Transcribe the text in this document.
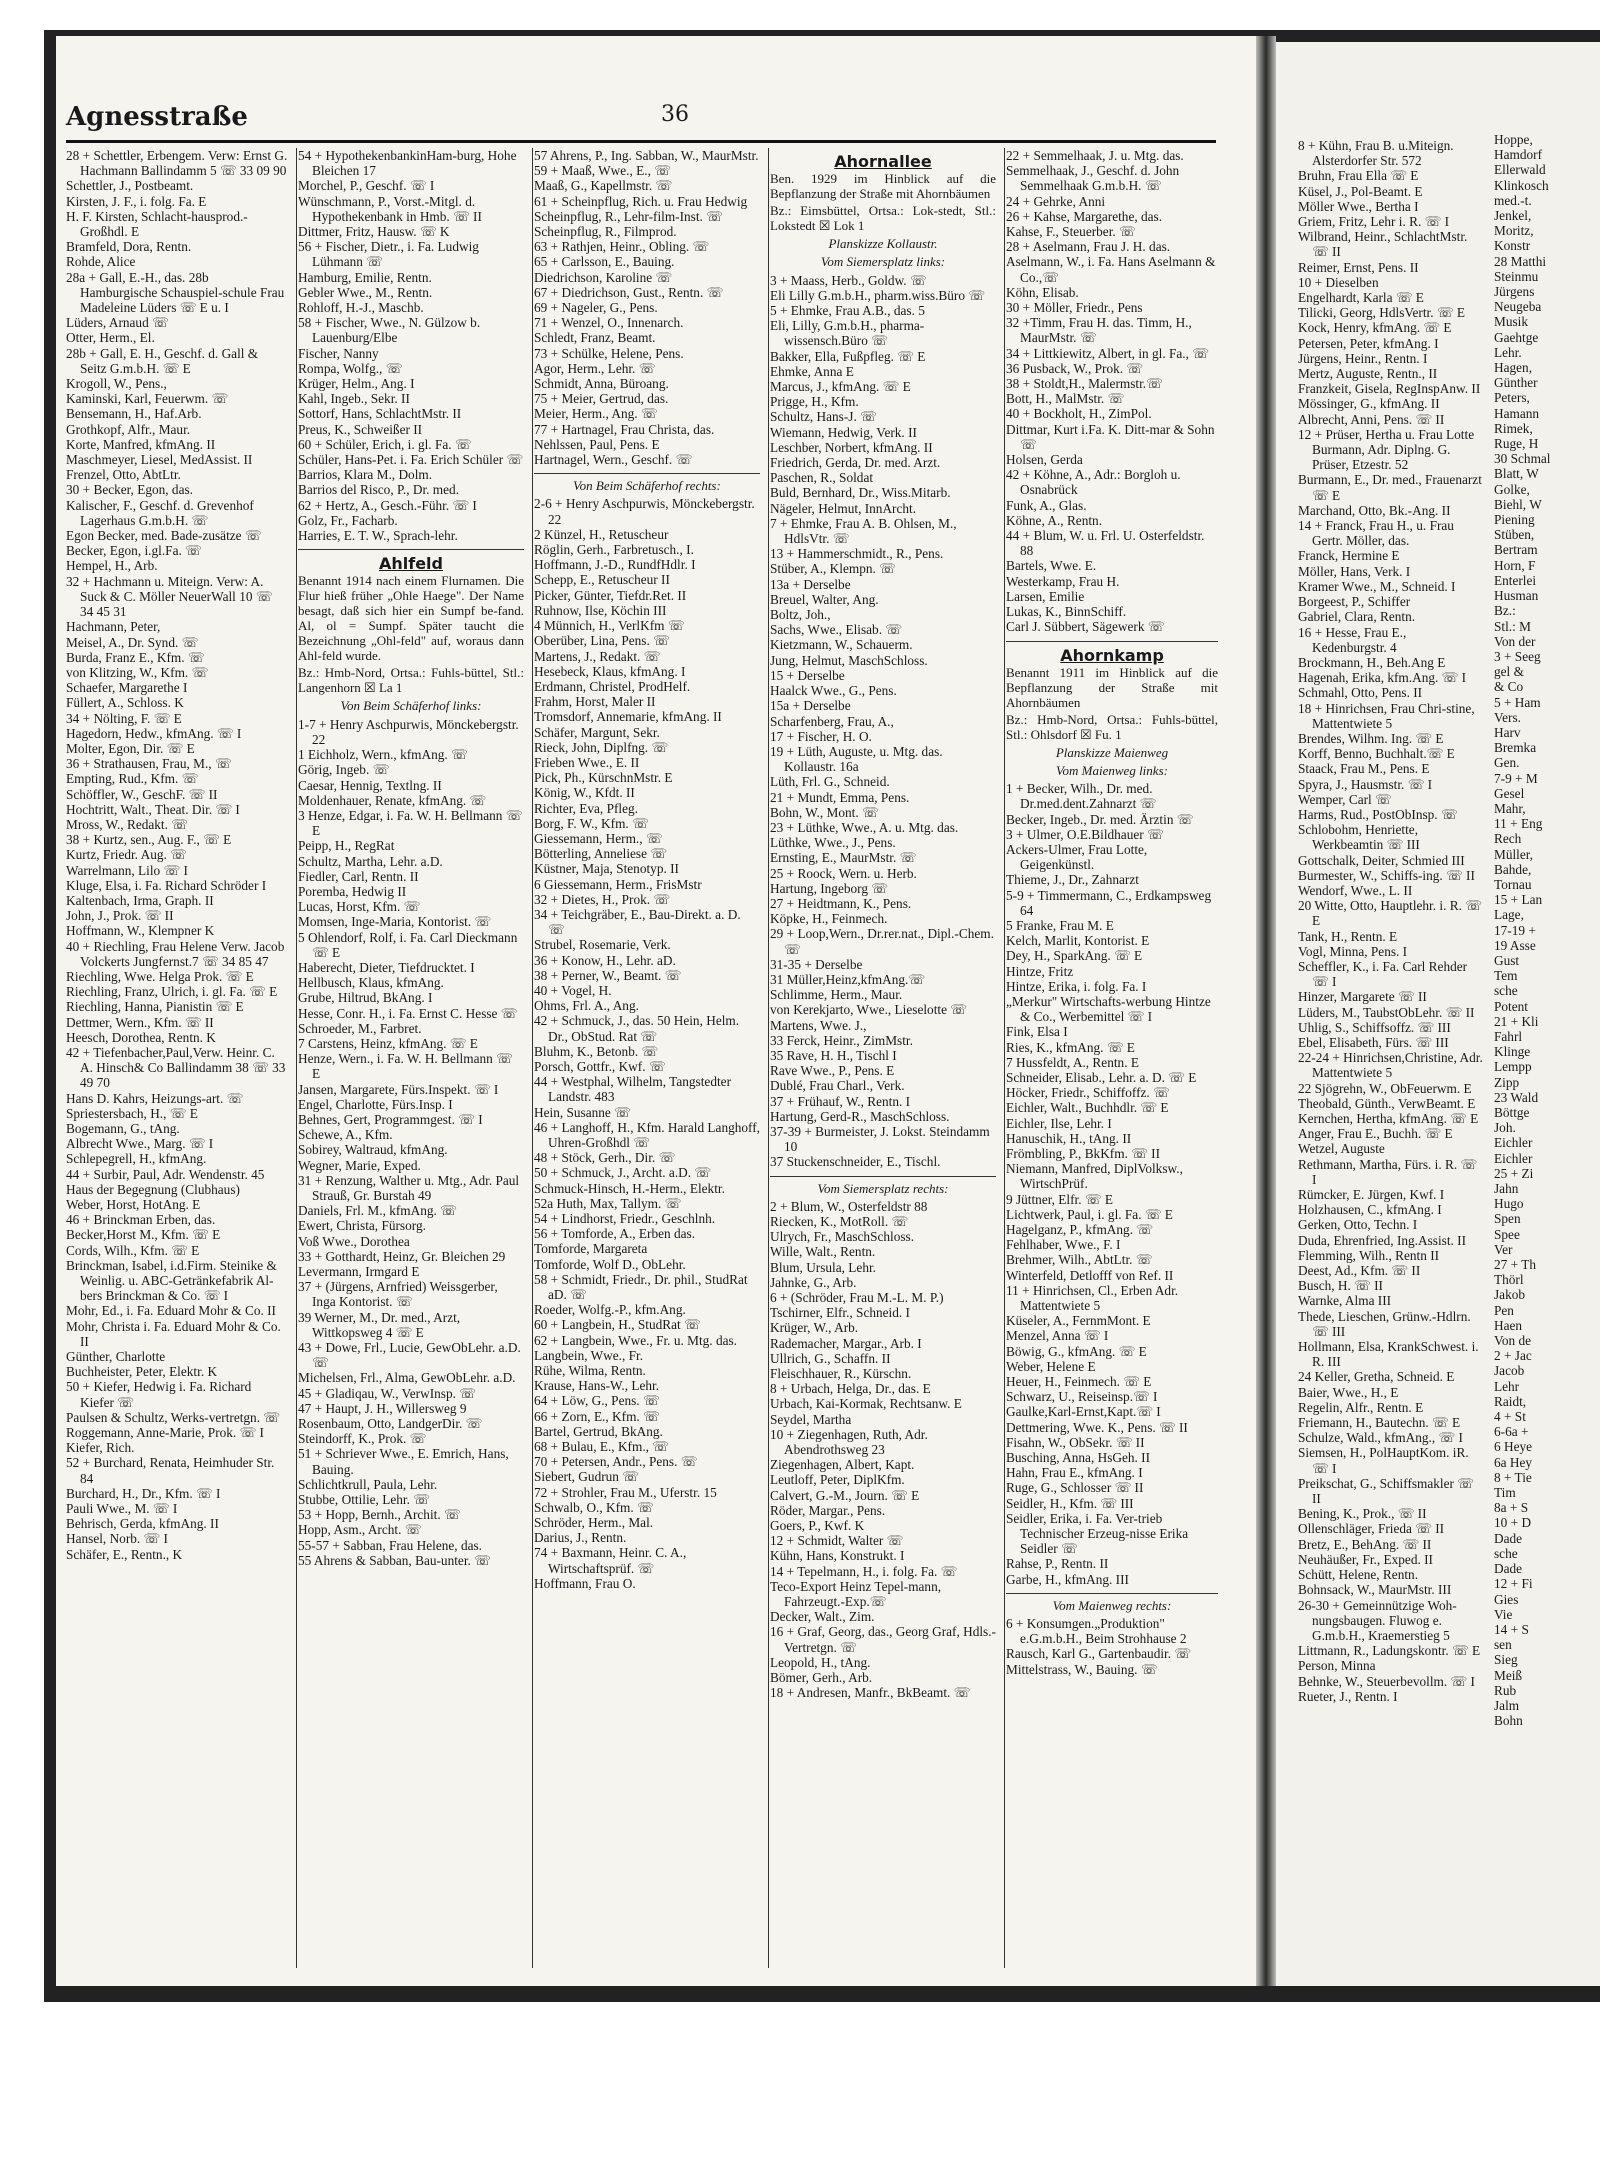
8 + Kühn, Frau B. u.Miteign. Alsterdorfer Str. 572

Bruhn, Frau Ella ☏ E

Küsel, J., Pol-Beamt. E

Möller Wwe., Bertha I

Griem, Fritz, Lehr i. R. ☏ I

Wilbrand, Heinr., SchlachtMstr. ☏ II

Reimer, Ernst, Pens. II

10 + Dieselben

Engelhardt, Karla ☏ E

Tilicki, Georg, HdlsVertr. ☏ E

Kock, Henry, kfmAng. ☏ E

Petersen, Peter, kfmAng. I

Jürgens, Heinr., Rentn. I

Mertz, Auguste, Rentn., II

Franzkeit, Gisela, RegInspAnw. II

Mössinger, G., kfmAng. II

Albrecht, Anni, Pens. ☏ II

12 + Prüser, Hertha u. Frau Lotte Burmann, Adr. Diplng. G. Prüser, Etzestr. 52

Burmann, E., Dr. med., Frauenarzt ☏ E

Marchand, Otto, Bk.-Ang. II

14 + Franck, Frau H., u. Frau Gertr. Möller, das.

Franck, Hermine E

Möller, Hans, Verk. I

Kramer Wwe., M., Schneid. I

Borgeest, P., Schiffer

Gabriel, Clara, Rentn.

16 + Hesse, Frau E., Kedenburgstr. 4

Brockmann, H., Beh.Ang E

Hagenah, Erika, kfm.Ang. ☏ I

Schmahl, Otto, Pens. II

18 + Hinrichsen, Frau Chri-stine, Mattentwiete 5

Brendes, Wilhm. Ing. ☏ E

Korff, Benno, Buchhalt.☏ E

Staack, Frau M., Pens. E

Spyra, J., Hausmstr. ☏ I

Wemper, Carl ☏

Harms, Rud., PostObInsp. ☏

Schlobohm, Henriette, Werkbeamtin ☏ III

Gottschalk, Deiter, Schmied III

Burmester, W., Schiffs-ing. ☏ II

Wendorf, Wwe., L. II

20 Witte, Otto, Hauptlehr. i. R. ☏ E

Tank, H., Rentn. E

Vogl, Minna, Pens. I

Scheffler, K., i. Fa. Carl Rehder ☏ I

Hinzer, Margarete ☏ II

Lüders, M., TaubstObLehr. ☏ II

Uhlig, S., Schiffsoffz. ☏ III

Ebel, Elisabeth, Fürs. ☏ III

22-24 + Hinrichsen,Christine, Adr. Mattentwiete 5

22 Sjögrehn, W., ObFeuerwm. E

Theobald, Günth., VerwBeamt. E

Kernchen, Hertha, kfmAng. ☏ E

Anger, Frau E., Buchh. ☏ E

Wetzel, Auguste

Rethmann, Martha, Fürs. i. R. ☏ I

Rümcker, E. Jürgen, Kwf. I

Holzhausen, C., kfmAng. I

Gerken, Otto, Techn. I

Duda, Ehrenfried, Ing.Assist. II

Flemming, Wilh., Rentn II

Deest, Ad., Kfm. ☏ II

Busch, H. ☏ II

Warnke, Alma III

Thede, Lieschen, Grünw.-Hdlrn. ☏ III

Hollmann, Elsa, KrankSchwest. i. R. III

24 Keller, Gretha, Schneid. E

Baier, Wwe., H., E

Regelin, Alfr., Rentn. E

Friemann, H., Bautechn. ☏ E

Schulze, Wald., kfmAng., ☏ I

Siemsen, H., PolHauptKom. iR. ☏ I

Preikschat, G., Schiffsmakler ☏ II

Bening, K., Prok., ☏ II

Ollenschläger, Frieda ☏ II

Bretz, E., BehAng. ☏ II

Neuhäußer, Fr., Exped. II

Schütt, Helene, Rentn.

Bohnsack, W., MaurMstr. III

26-30 + Gemeinnützige Woh-nungsbaugen. Fluwog e. G.m.b.H., Kraemerstieg 5

Littmann, R., Ladungskontr. ☏ E

Person, Minna

Behnke, W., Steuerbevollm. ☏ I

Rueter, J., Rentn. I

Hoppe,

Hamdorf

Ellerwald

Klinkosch

med.-t.

Jenkel,

Moritz,

Konstr

28 Matthi

Steinmu

Jürgens

Neugeba

Musik

Gaehtge

Lehr.

Hagen,

Günther

Peters,

Hamann

Rimek,

Ruge, H

30 Schmal

Blatt, W

Golke,

Biehl, W

Piening

Stüben,

Bertram

Horn, F

Enterlei

Husman

Bz.:

Stl.: M

Von der

3 + Seeg

gel &

& Co

5 + Ham

Vers.

Harv

Bremka

Gen.

7-9 + M

Gesel

Mahr,

11 + Eng

Rech

Müller,

Bahde,

Tornau

15 + Lan

Lage,

17-19 +

19 Asse

Gust

Tem

sche

Potent

21 + Kli

Fahrl

Klinge

Lempp

Zipp

23 Wald

Böttge

Joh.

Eichler

Eichler

25 + Zi

Jahn

Hugo

Spen

Spee

Ver

27 + Th

Thörl

Jakob

Pen

Haen

Von de

2 + Jac

Jacob

Lehr

Raidt,

4 + St

6-6a +

6 Heye

6a Hey

8 + Tie

Tim

8a + S

10 + D

Dade

sche

Dade

12 + Fi

Gies

Vie

14 + S

sen

Sieg

Meiß

Rub

Jalm

Bohn

Agnesstraße	36

28 + Schettler, Erbengem. Verw: Ernst G. Hachmann Ballindamm 5 ☏ 33 09 90

Schettler, J., Postbeamt.

Kirsten, J. F., i. folg. Fa. E

H. F. Kirsten, Schlacht-hausprod.-Großhdl. E

Bramfeld, Dora, Rentn.

Rohde, Alice

28a + Gall, E.-H., das. 28b Hamburgische Schauspiel-schule Frau Madeleine Lüders ☏ E u. I

Lüders, Arnaud ☏

Otter, Herm., El.

28b + Gall, E. H., Geschf. d. Gall & Seitz G.m.b.H. ☏ E

Krogoll, W., Pens.,

Kaminski, Karl, Feuerwm. ☏

Bensemann, H., Haf.Arb.

Grothkopf, Alfr., Maur.

Korte, Manfred, kfmAng. II

Maschmeyer, Liesel, MedAssist. II

Frenzel, Otto, AbtLtr.

30 + Becker, Egon, das.

Kalischer, F., Geschf. d. Grevenhof Lagerhaus G.m.b.H. ☏

Egon Becker, med. Bade-zusätze ☏

Becker, Egon, i.gl.Fa. ☏

Hempel, H., Arb.

32 + Hachmann u. Miteign. Verw: A. Suck & C. Möller NeuerWall 10 ☏ 34 45 31

Hachmann, Peter,

Meisel, A., Dr. Synd. ☏

Burda, Franz E., Kfm. ☏

von Klitzing, W., Kfm. ☏

Schaefer, Margarethe I

Füllert, A., Schloss. K

34 + Nölting, F. ☏ E

Hagedorn, Hedw., kfmAng. ☏ I

Molter, Egon, Dir. ☏ E

36 + Strathausen, Frau, M., ☏

Empting, Rud., Kfm. ☏

Schöffler, W., GeschF. ☏ II

Hochtritt, Walt., Theat. Dir. ☏ I

Mross, W., Redakt. ☏

38 + Kurtz, sen., Aug. F., ☏ E

Kurtz, Friedr. Aug. ☏

Warrelmann, Lilo ☏ I

Kluge, Elsa, i. Fa. Richard Schröder I

Kaltenbach, Irma, Graph. II

John, J., Prok. ☏ II

Hoffmann, W., Klempner K

40 + Riechling, Frau Helene Verw. Jacob Volckerts Jungfernst.7 ☏ 34 85 47

Riechling, Wwe. Helga Prok. ☏ E

Riechling, Franz, Ulrich, i. gl. Fa. ☏ E

Riechling, Hanna, Pianistin ☏ E

Dettmer, Wern., Kfm. ☏ II

Heesch, Dorothea, Rentn. K

42 + Tiefenbacher,Paul,Verw. Heinr. C. A. Hinsch& Co Ballindamm 38 ☏ 33 49 70

Hans D. Kahrs, Heizungs-art. ☏

Spriestersbach, H., ☏ E

Bogemann, G., tAng.

Albrecht Wwe., Marg. ☏ I

Schlepegrell, H., kfmAng.

44 + Surbir, Paul, Adr. Wendenstr. 45

Haus der Begegnung (Clubhaus)

Weber, Horst, HotAng. E

46 + Brinckman Erben, das.

Becker,Horst M., Kfm. ☏ E

Cords, Wilh., Kfm. ☏ E

Brinckman, Isabel, i.d.Firm. Steinike & Weinlig. u. ABC-Getränkefabrik Al-bers Brinckman & Co. ☏ I

Mohr, Ed., i. Fa. Eduard Mohr & Co. II

Mohr, Christa i. Fa. Eduard Mohr & Co. II

Günther, Charlotte

Buchheister, Peter, Elektr. K

50 + Kiefer, Hedwig i. Fa. Richard Kiefer ☏

Paulsen & Schultz, Werks-vertretgn. ☏

Roggemann, Anne-Marie, Prok. ☏ I

Kiefer, Rich.

52 + Burchard, Renata, Heimhuder Str. 84

Burchard, H., Dr., Kfm. ☏ I

Pauli Wwe., M. ☏ I

Behrisch, Gerda, kfmAng. II

Hansel, Norb. ☏ I

Schäfer, E., Rentn., K

54 + HypothekenbankinHam-burg, Hohe Bleichen 17

Morchel, P., Geschf. ☏ I

Wünschmann, P., Vorst.-Mitgl. d. Hypothekenbank in Hmb. ☏ II

Dittmer, Fritz, Hausw. ☏ K

56 + Fischer, Dietr., i. Fa. Ludwig Lühmann ☏

Hamburg, Emilie, Rentn.

Gebler Wwe., M., Rentn.

Rohloff, H.-J., Maschb.

58 + Fischer, Wwe., N. Gülzow b. Lauenburg/Elbe

Fischer, Nanny

Rompa, Wolfg., ☏

Krüger, Helm., Ang. I

Kahl, Ingeb., Sekr. II

Sottorf, Hans, SchlachtMstr. II

Preus, K., Schweißer II

60 + Schüler, Erich, i. gl. Fa. ☏

Schüler, Hans-Pet. i. Fa. Erich Schüler ☏

Barrios, Klara M., Dolm.

Barrios del Risco, P., Dr. med.

62 + Hertz, A., Gesch.-Führ. ☏ I

Golz, Fr., Facharb.

Harries, E. T. W., Sprach-lehr.

Ahlfeld
Benannt 1914 nach einem Flurnamen. Die Flur hieß früher „Ohle Haege". Der Name besagt, daß sich hier ein Sumpf be-fand. Al, ol = Sumpf. Später taucht die Bezeichnung „Ohl-feld" auf, woraus dann Ahl-feld wurde.
Bz.: Hmb-Nord, Ortsa.: Fuhls-büttel, Stl.: Langenhorn ☒ La 1
Von Beim Schäferhof links:

1-7 + Henry Aschpurwis, Mönckebergstr. 22

1 Eichholz, Wern., kfmAng. ☏

Görig, Ingeb. ☏

Caesar, Hennig, Textlng. II

Moldenhauer, Renate, kfmAng. ☏

3 Henze, Edgar, i. Fa. W. H. Bellmann ☏ E

Peipp, H., RegRat

Schultz, Martha, Lehr. a.D.

Fiedler, Carl, Rentn. II

Poremba, Hedwig II

Lucas, Horst, Kfm. ☏

Momsen, Inge-Maria, Kontorist. ☏

5 Ohlendorf, Rolf, i. Fa. Carl Dieckmann ☏ E

Haberecht, Dieter, Tiefdrucktet. I

Hellbusch, Klaus, kfmAng.

Grube, Hiltrud, BkAng. I

Hesse, Conr. H., i. Fa. Ernst C. Hesse ☏

Schroeder, M., Farbret.

7 Carstens, Heinz, kfmAng. ☏ E

Henze, Wern., i. Fa. W. H. Bellmann ☏ E

Jansen, Margarete, Fürs.Inspekt. ☏ I

Engel, Charlotte, Fürs.Insp. I

Behnes, Gert, Programmgest. ☏ I

Schewe, A., Kfm.

Sobirey, Waltraud, kfmAng.

Wegner, Marie, Exped.

31 + Renzung, Walther u. Mtg., Adr. Paul Strauß, Gr. Burstah 49

Daniels, Frl. M., kfmAng. ☏

Ewert, Christa, Fürsorg.

Voß Wwe., Dorothea

33 + Gotthardt, Heinz, Gr. Bleichen 29

Levermann, Irmgard E

37 + (Jürgens, Arnfried) Weissgerber, Inga Kontorist. ☏

39 Werner, M., Dr. med., Arzt, Wittkopsweg 4 ☏ E

43 + Dowe, Frl., Lucie, GewObLehr. a.D. ☏

Michelsen, Frl., Alma, GewObLehr. a.D.

45 + Gladiqau, W., VerwInsp. ☏

47 + Haupt, J. H., Willersweg 9

Rosenbaum, Otto, LandgerDir. ☏

Steindorff, K., Prok. ☏

51 + Schriever Wwe., E. Emrich, Hans, Bauing.

Schlichtkrull, Paula, Lehr.

Stubbe, Ottilie, Lehr. ☏

53 + Hopp, Bernh., Archit. ☏

Hopp, Asm., Archt. ☏

55-57 + Sabban, Frau Helene, das.

55 Ahrens & Sabban, Bau-unter. ☏

57 Ahrens, P., Ing. Sabban, W., MaurMstr.

59 + Maaß, Wwe., E., ☏

Maaß, G., Kapellmstr. ☏

61 + Scheinpflug, Rich. u. Frau Hedwig

Scheinpflug, R., Lehr-film-Inst. ☏

Scheinpflug, R., Filmprod.

63 + Rathjen, Heinr., Obling. ☏

65 + Carlsson, E., Bauing.

Diedrichson, Karoline ☏

67 + Diedrichson, Gust., Rentn. ☏

69 + Nageler, G., Pens.

71 + Wenzel, O., Innenarch.

Schledt, Franz, Beamt.

73 + Schülke, Helene, Pens.

Agor, Herm., Lehr. ☏

Schmidt, Anna, Büroang.

75 + Meier, Gertrud, das.

Meier, Herm., Ang. ☏

77 + Hartnagel, Frau Christa, das.

Nehlssen, Paul, Pens. E

Hartnagel, Wern., Geschf. ☏

Von Beim Schäferhof rechts:

2-6 + Henry Aschpurwis, Mönckebergstr. 22

2 Künzel, H., Retuscheur

Röglin, Gerh., Farbretusch., I.

Hoffmann, J.-D., RundfHdlr. I

Schepp, E., Retuscheur II

Picker, Günter, Tiefdr.Ret. II

Ruhnow, Ilse, Köchin III

4 Münnich, H., VerlKfm ☏

Oberüber, Lina, Pens. ☏

Martens, J., Redakt. ☏

Hesebeck, Klaus, kfmAng. I

Erdmann, Christel, ProdHelf.

Frahm, Horst, Maler II

Tromsdorf, Annemarie, kfmAng. II

Schäfer, Margunt, Sekr.

Rieck, John, Diplfng. ☏

Frieben Wwe., E. II

Pick, Ph., KürschnMstr. E

König, W., Kfdt. II

Richter, Eva, Pfleg.

Borg, F. W., Kfm. ☏

Giessemann, Herm., ☏

Bötterling, Anneliese ☏

Küstner, Maja, Stenotyp. II

6 Giessemann, Herm., FrisMstr

32 + Dietes, H., Prok. ☏

34 + Teichgräber, E., Bau-Direkt. a. D. ☏

Strubel, Rosemarie, Verk.

36 + Konow, H., Lehr. aD.

38 + Perner, W., Beamt. ☏

40 + Vogel, H.

Ohms, Frl. A., Ang.

42 + Schmuck, J., das. 50 Hein, Helm. Dr., ObStud. Rat ☏

Bluhm, K., Betonb. ☏

Porsch, Gottfr., Kwf. ☏

44 + Westphal, Wilhelm, Tangstedter Landstr. 483

Hein, Susanne ☏

46 + Langhoff, H., Kfm. Harald Langhoff, Uhren-Großhdl ☏

48 + Stöck, Gerh., Dir. ☏

50 + Schmuck, J., Archt. a.D. ☏

Schmuck-Hinsch, H.-Herm., Elektr.

52a Huth, Max, Tallym. ☏

54 + Lindhorst, Friedr., Geschlnh.

56 + Tomforde, A., Erben das.

Tomforde, Margareta

Tomforde, Wolf D., ObLehr.

58 + Schmidt, Friedr., Dr. phil., StudRat aD. ☏

Roeder, Wolfg.-P., kfm.Ang.

60 + Langbein, H., StudRat ☏

62 + Langbein, Wwe., Fr. u. Mtg. das.

Langbein, Wwe., Fr.

Rühe, Wilma, Rentn.

Krause, Hans-W., Lehr.

64 + Löw, G., Pens. ☏

66 + Zorn, E., Kfm. ☏

Bartel, Gertrud, BkAng.

68 + Bulau, E., Kfm., ☏

70 + Petersen, Andr., Pens. ☏

Siebert, Gudrun ☏

72 + Strohler, Frau M., Uferstr. 15

Schwalb, O., Kfm. ☏

Schröder, Herm., Mal.

Darius, J., Rentn.

74 + Baxmann, Heinr. C. A., Wirtschaftsprüf. ☏

Hoffmann, Frau O.

Ahornallee
Ben. 1929 im Hinblick auf die Bepflanzung der Straße mit Ahornbäumen
Bz.: Eimsbüttel, Ortsa.: Lok-stedt, Stl.: Lokstedt ☒ Lok 1
Planskizze Kollaustr.
Vom Siemersplatz links:

3 + Maass, Herb., Goldw. ☏

Eli Lilly G.m.b.H., pharm.wiss.Büro ☏

5 + Ehmke, Frau A.B., das. 5

Eli, Lilly, G.m.b.H., pharma-wissensch.Büro ☏

Bakker, Ella, Fußpfleg. ☏ E

Ehmke, Anna E

Marcus, J., kfmAng. ☏ E

Prigge, H., Kfm.

Schultz, Hans-J. ☏

Wiemann, Hedwig, Verk. II

Leschber, Norbert, kfmAng. II

Friedrich, Gerda, Dr. med. Arzt.

Paschen, R., Soldat

Buld, Bernhard, Dr., Wiss.Mitarb.

Nägeler, Helmut, InnArcht.

7 + Ehmke, Frau A. B. Ohlsen, M., HdlsVtr. ☏

13 + Hammerschmidt., R., Pens.

Stüber, A., Klempn. ☏

13a + Derselbe

Breuel, Walter, Ang.

Boltz, Joh.,

Sachs, Wwe., Elisab. ☏

Kietzmann, W., Schauerm.

Jung, Helmut, MaschSchloss.

15 + Derselbe

Haalck Wwe., G., Pens.

15a + Derselbe

Scharfenberg, Frau, A.,

17 + Fischer, H. O.

19 + Lüth, Auguste, u. Mtg. das. Kollaustr. 16a

Lüth, Frl. G., Schneid.

21 + Mundt, Emma, Pens.

Bohn, W., Mont. ☏

23 + Lüthke, Wwe., A. u. Mtg. das.

Lüthke, Wwe., J., Pens.

Ernsting, E., MaurMstr. ☏

25 + Roock, Wern. u. Herb.

Hartung, Ingeborg ☏

27 + Heidtmann, K., Pens.

Köpke, H., Feinmech.

29 + Loop,Wern., Dr.rer.nat., Dipl.-Chem. ☏

31-35 + Derselbe

31 Müller,Heinz,kfmAng.☏

Schlimme, Herm., Maur.

von Kerekjarto, Wwe., Lieselotte ☏

Martens, Wwe. J.,

33 Ferck, Heinr., ZimMstr.

35 Rave, H. H., Tischl I

Rave Wwe., P., Pens. E

Dublé, Frau Charl., Verk.

37 + Frühauf, W., Rentn. I

Hartung, Gerd-R., MaschSchloss.

37-39 + Burmeister, J. Lokst. Steindamm 10

37 Stuckenschneider, E., Tischl.

Vom Siemersplatz rechts:

2 + Blum, W., Osterfeldstr 88

Riecken, K., MotRoll. ☏

Ulrych, Fr., MaschSchloss.

Wille, Walt., Rentn.

Blum, Ursula, Lehr.

Jahnke, G., Arb.

6 + (Schröder, Frau M.-L. M. P.)

Tschirner, Elfr., Schneid. I

Krüger, W., Arb.

Rademacher, Margar., Arb. I

Ullrich, G., Schaffn. II

Fleischhauer, R., Kürschn.

8 + Urbach, Helga, Dr., das. E

Urbach, Kai-Kormak, Rechtsanw. E

Seydel, Martha

10 + Ziegenhagen, Ruth, Adr. Abendrothsweg 23

Ziegenhagen, Albert, Kapt.

Leutloff, Peter, DiplKfm.

Calvert, G.-M., Journ. ☏ E

Röder, Margar., Pens.

Goers, P., Kwf. K

12 + Schmidt, Walter ☏

Kühn, Hans, Konstrukt. I

14 + Tepelmann, H., i. folg. Fa. ☏

Teco-Export Heinz Tepel-mann, Fahrzeugt.-Exp.☏

Decker, Walt., Zim.

16 + Graf, Georg, das., Georg Graf, Hdls.-Vertretgn. ☏

Leopold, H., tAng.

Bömer, Gerh., Arb.

18 + Andresen, Manfr., BkBeamt. ☏

22 + Semmelhaak, J. u. Mtg. das.

Semmelhaak, J., Geschf. d. John Semmelhaak G.m.b.H. ☏

24 + Gehrke, Anni

26 + Kahse, Margarethe, das.

Kahse, F., Steuerber. ☏

28 + Aselmann, Frau J. H. das.

Aselmann, W., i. Fa. Hans Aselmann & Co.,☏

Köhn, Elisab.

30 + Möller, Friedr., Pens

32 +Timm, Frau H. das. Timm, H., MaurMstr. ☏

34 + Littkiewitz, Albert, in gl. Fa., ☏

36 Pusback, W., Prok. ☏

38 + Stoldt,H., Malermstr.☏

Bott, H., MalMstr. ☏

40 + Bockholt, H., ZimPol.

Dittmar, Kurt i.Fa. K. Ditt-mar & Sohn ☏

Holsen, Gerda

42 + Köhne, A., Adr.: Borgloh u. Osnabrück

Funk, A., Glas.

Köhne, A., Rentn.

44 + Blum, W. u. Frl. U. Osterfeldstr. 88

Bartels, Wwe. E.

Westerkamp, Frau H.

Larsen, Emilie

Lukas, K., BinnSchiff.

Carl J. Sübbert, Sägewerk ☏

Ahornkamp
Benannt 1911 im Hinblick auf die Bepflanzung der Straße mit Ahornbäumen
Bz.: Hmb-Nord, Ortsa.: Fuhls-büttel, Stl.: Ohlsdorf ☒ Fu. 1
Planskizze Maienweg
Vom Maienweg links:

1 + Becker, Wilh., Dr. med. Dr.med.dent.Zahnarzt ☏

Becker, Ingeb., Dr. med. Ärztin ☏

3 + Ulmer, O.E.Bildhauer ☏

Ackers-Ulmer, Frau Lotte, Geigenkünstl.

Thieme, J., Dr., Zahnarzt

5-9 + Timmermann, C., Erdkampsweg 64

5 Franke, Frau M. E

Kelch, Marlit, Kontorist. E

Dey, H., SparkAng. ☏ E

Hintze, Fritz

Hintze, Erika, i. folg. Fa. I

„Merkur" Wirtschafts-werbung Hintze & Co., Werbemittel ☏ I

Fink, Elsa I

Ries, K., kfmAng. ☏ E

7 Hussfeldt, A., Rentn. E

Schneider, Elisab., Lehr. a. D. ☏ E

Höcker, Friedr., Schiffoffz. ☏

Eichler, Walt., Buchhdlr. ☏ E

Eichler, Ilse, Lehr. I

Hanuschik, H., tAng. II

Frömbling, P., BkKfm. ☏ II

Niemann, Manfred, DiplVolksw., WirtschPrüf.

9 Jüttner, Elfr. ☏ E

Lichtwerk, Paul, i. gl. Fa. ☏ E

Hagelganz, P., kfmAng. ☏

Fehlhaber, Wwe., F. I

Brehmer, Wilh., AbtLtr. ☏

Winterfeld, Detlofff von Ref. II

11 + Hinrichsen, Cl., Erben Adr. Mattentwiete 5

Küseler, A., FernmMont. E

Menzel, Anna ☏ I

Böwig, G., kfmAng. ☏ E

Weber, Helene E

Heuer, H., Feinmech. ☏ E

Schwarz, U., Reiseinsp.☏ I

Gaulke,Karl-Ernst,Kapt.☏ I

Dettmering, Wwe. K., Pens. ☏ II

Fisahn, W., ObSekr. ☏ II

Busching, Anna, HsGeh. II

Hahn, Frau E., kfmAng. I

Ruge, G., Schlosser ☏ II

Seidler, H., Kfm. ☏ III

Seidler, Erika, i. Fa. Ver-trieb Technischer Erzeug-nisse Erika Seidler ☏

Rahse, P., Rentn. II

Garbe, H., kfmAng. III

Vom Maienweg rechts:

6 + Konsumgen.„Produktion" e.G.m.b.H., Beim Strohhause 2

Rausch, Karl G., Gartenbaudir. ☏

Mittelstrass, W., Bauing. ☏
